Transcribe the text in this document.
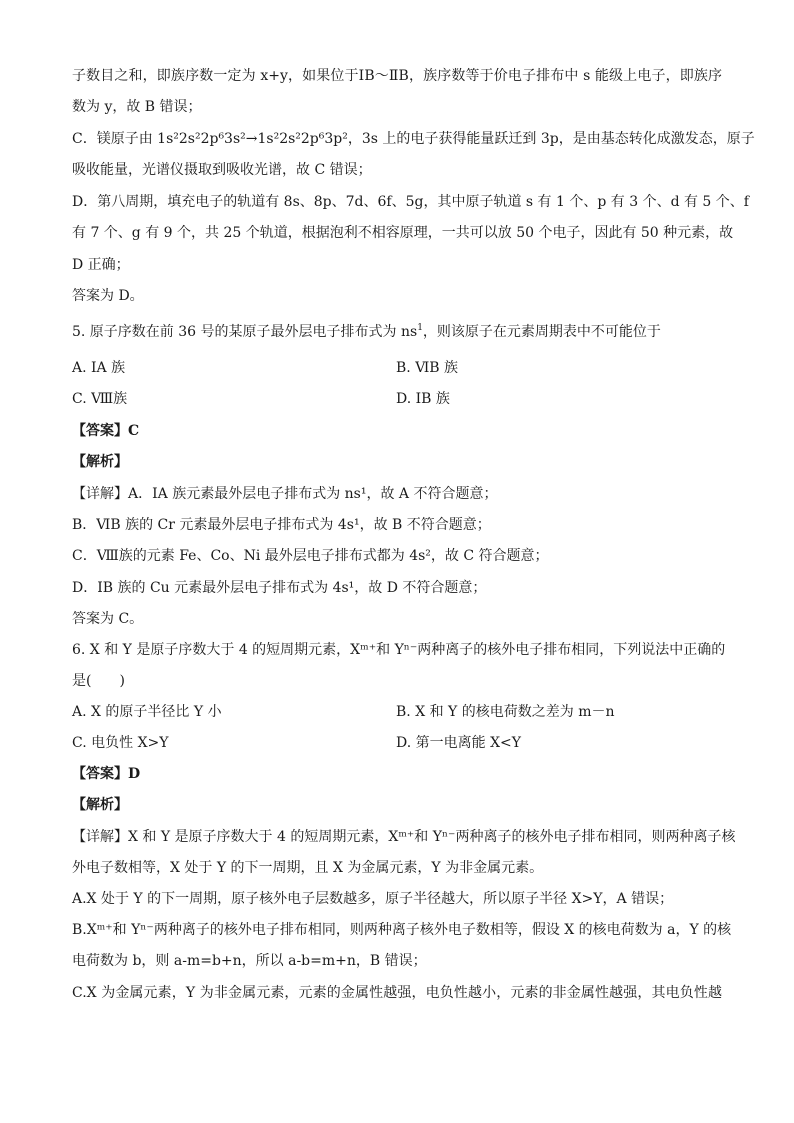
子数目之和，即族序数一定为 x+y，如果位于ⅠB～ⅡB，族序数等于价电子排布中 s 能级上电子，即族序

数为 y，故 B 错误；

C．镁原子由 1s²2s²2p⁶3s²→1s²2s²2p⁶3p²，3s 上的电子获得能量跃迁到 3p，是由基态转化成激发态，原子

吸收能量，光谱仪摄取到吸收光谱，故 C 错误；

D．第八周期，填充电子的轨道有 8s、8p、7d、6f、5g，其中原子轨道 s 有 1 个、p 有 3 个、d 有 5 个、f

有 7 个、g 有 9 个，共 25 个轨道，根据泡利不相容原理，一共可以放 50 个电子，因此有 50 种元素，故

D 正确；

答案为 D。

5. 原子序数在前 36 号的某原子最外层电子排布式为 $ns^1$，则该原子在元素周期表中不可能位于

A. ⅠA 族	B. ⅥB 族

C. Ⅷ族	D. ⅠB 族

【答案】C

【解析】

【详解】A．ⅠA 族元素最外层电子排布式为 ns¹，故 A 不符合题意；

B．ⅥB 族的 Cr 元素最外层电子排布式为 4s¹，故 B 不符合题意；

C．Ⅷ族的元素 Fe、Co、Ni 最外层电子排布式都为 4s²，故 C 符合题意；

D．ⅠB 族的 Cu 元素最外层电子排布式为 4s¹，故 D 不符合题意；

答案为 C。

6. X 和 Y 是原子序数大于 4 的短周期元素，Xᵐ⁺和 Yⁿ⁻两种离子的核外电子排布相同，下列说法中正确的

是(　　)

A. X 的原子半径比 Y 小	B. X 和 Y 的核电荷数之差为 m－n

C. 电负性 X>Y	D. 第一电离能 X<Y

【答案】D

【解析】

【详解】X 和 Y 是原子序数大于 4 的短周期元素，Xᵐ⁺和 Yⁿ⁻两种离子的核外电子排布相同，则两种离子核

外电子数相等，X 处于 Y 的下一周期，且 X 为金属元素，Y 为非金属元素。

A.X 处于 Y 的下一周期，原子核外电子层数越多，原子半径越大，所以原子半径 X>Y，A 错误；

B.Xᵐ⁺和 Yⁿ⁻两种离子的核外电子排布相同，则两种离子核外电子数相等，假设 X 的核电荷数为 a，Y 的核

电荷数为 b，则 a-m=b+n，所以 a-b=m+n，B 错误；

C.X 为金属元素，Y 为非金属元素，元素的金属性越强，电负性越小，元素的非金属性越强，其电负性越
